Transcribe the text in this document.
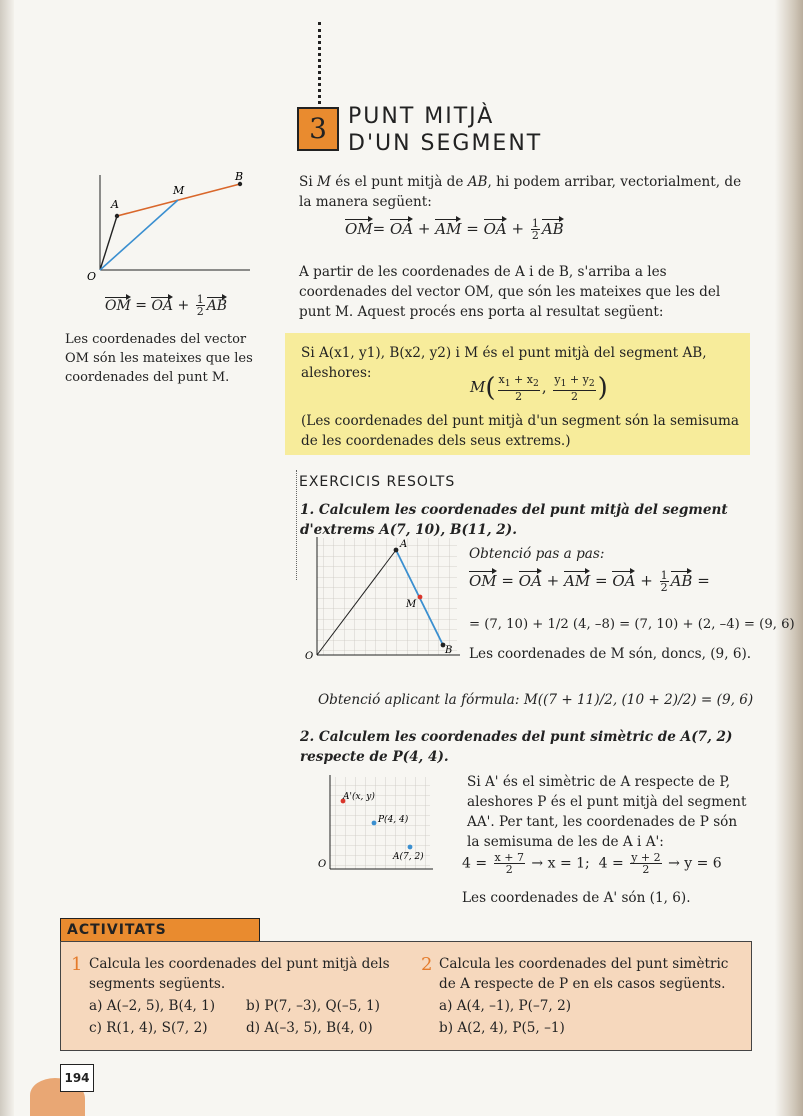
3 PUNT MITJÀ
D'UN SEGMENT

Si M és el punt mitjà de AB, hi podem arribar, vectorialment, de la manera següent:

OM= OA + AM = OA + $\frac{1}{2}$ AB

A partir de les coordenades de A i de B, s'arriba a les coordenades del vector OM, que són les mateixes que les del punt M. Aquest procés ens porta al resultat següent:

A
B
M
O
OM = OA + $\frac{1}{2}$ AB

Les coordenades del vector OM són les mateixes que les coordenades del punt M.

Si A(x1, y1), B(x2, y2) i M és el punt mitjà del segment AB, aleshores:

$M( \frac{x_1 + x_2}{2}$ , $\frac{y_1 + y_2}{2}$ )

(Les coordenades del punt mitjà d'un segment són la semisuma de les coordenades dels seus extrems.)

EXERCICIS RESOLTS

1. Calculem les coordenades del punt mitjà del segment d'extrems A(7, 10), B(11, 2).

A
B
M
O

Obtenció pas a pas:

OM = OA + AM = OA + $\frac{1}{2}$ AB =

= (7, 10) + 1/2 (4, –8) = (7, 10) + (2, –4) = (9, 6)

Les coordenades de M són, doncs, (9, 6).

Obtenció aplicant la fórmula: M((7 + 11)/2, (10 + 2)/2) = (9, 6)

2. Calculem les coordenades del punt simètric de A(7, 2) respecte de P(4, 4).

A'(x, y)
P(4, 4)
A(7, 2)
O

Si A' és el simètric de A respecte de P, aleshores P és el punt mitjà del segment AA'. Per tant, les coordenades de P són la semisuma de les de A i A':

$4 = \frac{x + 7}{2} \to x = 1$;  $4 = \frac{y + 2}{2} \to y = 6$

Les coordenades de A' són (1, 6).

ACTIVITATS
1 Calcula les coordenades del punt mitjà dels segments següents.

a) A(–2, 5), B(4, 1) b) P(7, –3), Q(–5, 1)

c) R(1, 4), S(7, 2)	d) A(–3, 5), B(4, 0)

2 Calcula les coordenades del punt simètric de A respecte de P en els casos següents.

a) A(4, –1), P(–7, 2)

b) A(2, 4), P(5, –1)

194
